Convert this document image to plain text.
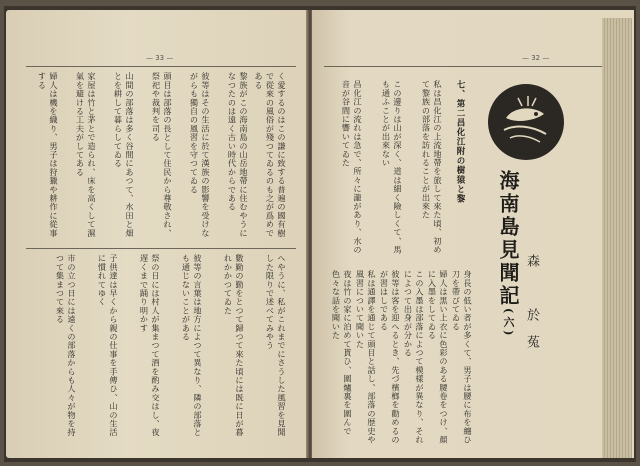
— 33 —
く愛するのはこの謙に致する普遍の國有樹で從來の風俗が殘つてゐるのも之が爲めである
黎族がこの海南島の山岳地帶に住むやうになつたのは遠く古い時代からである
彼等はその生活に於て漢族の影響を受けながらも獨自の風習を守つてゐる
頭目は部落の長として住民から尊敬され、祭祀や裁判を司る
山間の部落は多く谷間にあつて、水田と畑とを耕して暮らしてゐる
家屋は竹と茅とで造られ、床を高くして濕氣を避ける工夫がしてある
婦人は機を織り、男子は狩獵や耕作に從事する
へやうに、私がこれまでにさうした風習を見聞した限りで述べてみやう
數勤の勤をとつて歸つて來た頃には既に日が暮れかかつてゐた
彼等の言葉は地方によつて異なり、隣の部落とも通じないことがある
祭の日には村人が集まつて酒を酌み交はし、夜遅くまで踊り明かす
子供達は早くから親の仕事を手傳ひ、山の生活に慣れてゆく
市の立つ日には遠くの部落からも人々が物を持つて集まつて來る
— 32 —
七、第二昌化江附の樹猿と黎
私は昌化江の上流地帶を旅して來た頃、初めて黎族の部落を訪れることが出來た
この邊りは山が深く、道は細く險しくて、馬も通ふことが出來ない
昌化江の流れは急で、所々に瀧があり、水の音が谷間に響いてゐた
海南島見聞記(六) 森　於菟
身長の低い者が多くて、男子は腰に布を纏ひ刀を帶びてゐる
婦人は黒い上衣に色彩のある腰卷をつけ、顏に入墨をしてゐる
この入墨は部落によつて模樣が異なり、それによつて出身が分かる
彼等は客を迎へるとき、先づ檳榔を勸めるのが習はしである
私は通譯を通じて頭目と話し、部落の歴史や風習について聞いた
夜は竹の家に泊めて貰ひ、圍爐裏を圍んで色々な話を聞いた
